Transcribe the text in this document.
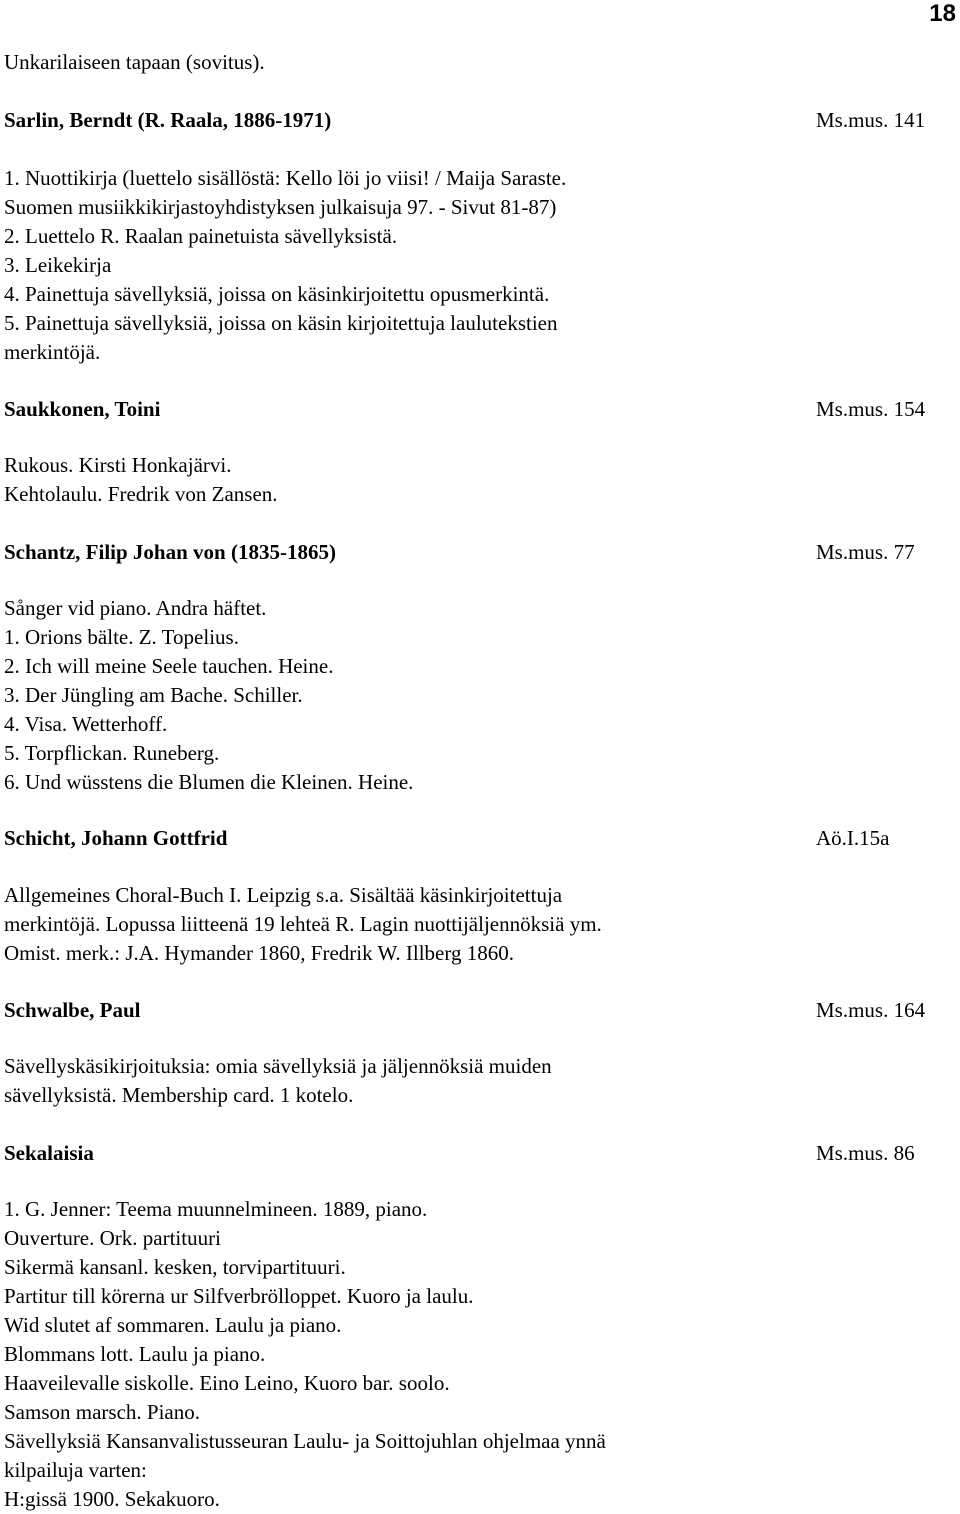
18
Unkarilaiseen tapaan (sovitus).
Sarlin, Berndt (R. Raala, 1886-1971)	Ms.mus. 141
1. Nuottikirja (luettelo sisällöstä: Kello löi jo viisi! / Maija Saraste.
Suomen musiikkikirjastoyhdistyksen julkaisuja 97. - Sivut 81-87)
2. Luettelo R. Raalan painetuista sävellyksistä.
3. Leikekirja
4. Painettuja sävellyksiä, joissa on käsinkirjoitettu opusmerkintä.
5. Painettuja sävellyksiä, joissa on käsin kirjoitettuja laulutekstien
merkintöjä.
Saukkonen, Toini	Ms.mus. 154
Rukous. Kirsti Honkajärvi.
Kehtolaulu. Fredrik von Zansen.
Schantz, Filip Johan von (1835-1865)	Ms.mus. 77
Sånger vid piano. Andra häftet.
1. Orions bälte. Z. Topelius.
2. Ich will meine Seele tauchen. Heine.
3. Der Jüngling am Bache. Schiller.
4. Visa. Wetterhoff.
5. Torpflickan. Runeberg.
6. Und wüsstens die Blumen die Kleinen. Heine.
Schicht, Johann Gottfrid	Aö.I.15a
Allgemeines Choral-Buch I. Leipzig s.a. Sisältää käsinkirjoitettuja
merkintöjä. Lopussa liitteenä 19 lehteä R. Lagin nuottijäljennöksiä ym.
Omist. merk.: J.A. Hymander 1860, Fredrik W. Illberg 1860.
Schwalbe, Paul	Ms.mus. 164
Sävellyskäsikirjoituksia: omia sävellyksiä ja jäljennöksiä muiden
sävellyksistä. Membership card. 1 kotelo.
Sekalaisia	Ms.mus. 86
1. G. Jenner: Teema muunnelmineen. 1889, piano.
Ouverture. Ork. partituuri
Sikermä kansanl. kesken, torvipartituuri.
Partitur till körerna ur Silfverbrölloppet. Kuoro ja laulu.
Wid slutet af sommaren. Laulu ja piano.
Blommans lott. Laulu ja piano.
Haaveilevalle siskolle. Eino Leino, Kuoro bar. soolo.
Samson marsch. Piano.
Sävellyksiä Kansanvalistusseuran Laulu- ja Soittojuhlan ohjelmaa ynnä
kilpailuja varten:
H:gissä 1900. Sekakuoro.
